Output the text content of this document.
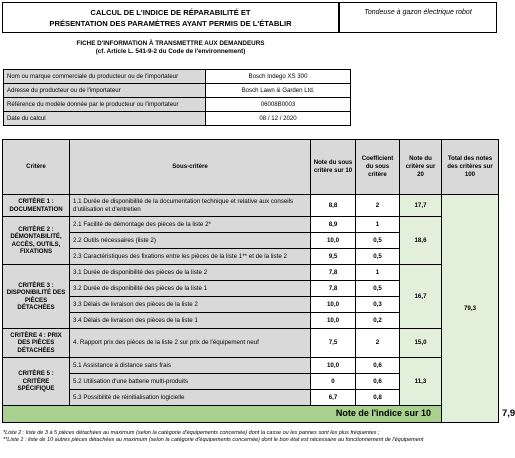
CALCUL DE L'INDICE DE RÉPARABILITÉ ET
PRÉSENTATION DES PARAMÈTRES AYANT PERMIS DE L'ÉTABLIR
Tondeuse à gazon électrique robot
FICHE D'INFORMATION À TRANSMETTRE AUX DEMANDEURS
(cf. Article L. 541-9-2 du Code de l'environnement)
Nom ou marque commerciale du producteur ou de l'importateur	Bosch Indego XS 300
Adresse du producteur ou de l'importateur	Bosch Lawn & Garden Ltd.
Référence du modèle donnée par le producteur ou l'importateur	06008B0003
Date du calcul	08 / 12 / 2020
Critère	Sous-critère	Note du sous critère sur 10	Coefficient du sous critère	Note du critère sur 20	Total des notes des critères sur 100	
CRITÈRE 1 : DOCUMENTATION	1.1 Durée de disponibilité de la documentation technique et relative aux conseils d'utilisation et d'entretien	8,8	2	17,7	79,3	
CRITÈRE 2 : DÉMONTABILITÉ, ACCÈS, OUTILS, FIXATIONS	2.1 Facilité de démontage des pièces de la liste 2*	8,9	1	18,6		
	2.2 Outils nécessaires (liste 2)	10,0	0,5			
	2.3 Caractéristiques des fixations entre les pièces de la liste 1** et de la liste 2	9,5	0,5			
CRITÈRE 3 : DISPONIBILITÉ DES PIÈCES DÉTACHÉES	3.1 Durée de disponibilité des pièces de la liste 2	7,8	1	16,7		
	3.2 Durée de disponibilité des pièces de la liste 1	7,8	0,5			
	3.3 Délais de livraison des pièces de la liste 2	10,0	0,3			
	3.4 Délais de livraison des pièces de la liste 1	10,0	0,2			
CRITÈRE 4 : PRIX DES PIÈCES DÉTACHÉES	4. Rapport prix des pièces de la liste 2 sur prix de l'équipement neuf	7,5	2	15,0		
CRITÈRE 5 : CRITÈRE SPÉCIFIQUE	5.1 Assistance à distance sans frais	10,0	0,6	11,3		
	5.2 Utilisation d'une batterie multi-produits	0	0,6			
	5.3 Possibilité de réinitialisation logicielle	6,7	0,8			
Note de l'indice sur 10						7,9
*Liste 2 : liste de 3 à 5 pièces détachées au maximum (selon la catégorie d'équipements concernée) dont la casse ou les pannes sont les plus fréquentes ;
**Liste 1 : liste de 10 autres pièces détachées au maximum (selon la catégorie d'équipements concernée) dont le bon état est nécessaire au fonctionnement de l'équipement
